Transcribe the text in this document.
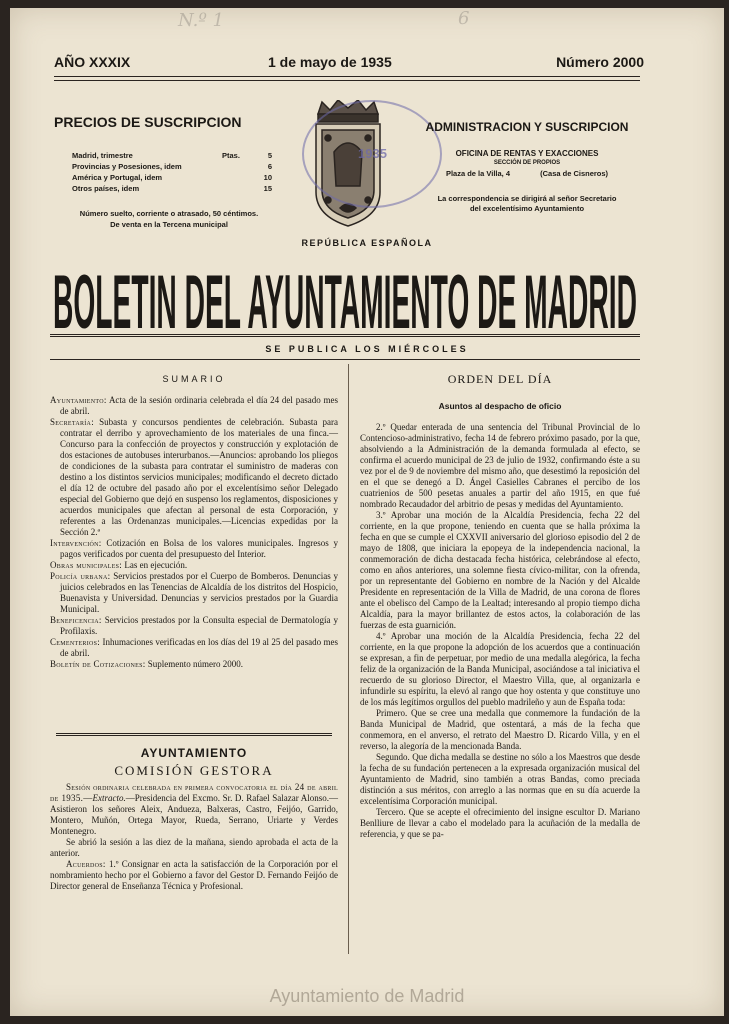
N.º 1	6
AÑO XXXIX	1 de mayo de 1935	Número 2000
PRECIOS DE SUSCRIPCION
Madrid, trimestre	Ptas.	5
Provincias y Posesiones, idem	6
América y Portugal, idem	10
Otros países, idem	15
Número suelto, corriente o atrasado, 50 céntimos.
De venta en la Tercena municipal
1935
ADMINISTRACION Y SUSCRIPCION
OFICINA DE RENTAS Y EXACCIONES
SECCIÓN DE PROPIOS
Plaza de la Villa, 4	(Casa de Cisneros)
La correspondencia se dirigirá al señor Secretario
del excelentísimo Ayuntamiento
REPÚBLICA ESPAÑOLA
BOLETIN DEL AYUNTAMIENTO DE MADRID
SE PUBLICA LOS MIÉRCOLES
SUMARIO
Ayuntamiento: Acta de la sesión ordinaria celebrada el día 24 del pasado mes de abril.
Secretaría: Subasta y concursos pendientes de celebración. Subasta para contratar el derribo y aprovechamiento de los materiales de una finca.—Concurso para la confección de proyectos y construcción y explotación de dos estaciones de autobuses interurbanos.—Anuncios: aprobando los pliegos de condiciones de la subasta para contratar el suministro de maderas con destino a los distintos servicios municipales; modificando el decreto dictado el día 12 de octubre del pasado año por el excelentísimo señor Delegado especial del Gobierno que dejó en suspenso los reglamentos, disposiciones y acuerdos municipales que afectan al personal de esta Corporación, y referentes a las Ordenanzas municipales.—Licencias expedidas por la Sección 2.ª
Intervención: Cotización en Bolsa de los valores municipales. Ingresos y pagos verificados por cuenta del presupuesto del Interior.
Obras municipales: Las en ejecución.
Policía urbana: Servicios prestados por el Cuerpo de Bomberos. Denuncias y juicios celebrados en las Tenencias de Alcaldía de los distritos del Hospicio, Buenavista y Universidad. Denuncias y servicios prestados por la Guardia Municipal.
Beneficencia: Servicios prestados por la Consulta especial de Dermatología y Profilaxis.
Cementerios: Inhumaciones verificadas en los días del 19 al 25 del pasado mes de abril.
Boletín de Cotizaciones: Suplemento número 2000.
AYUNTAMIENTO
COMISIÓN GESTORA

Sesión ordinaria celebrada en primera convocatoria el día 24 de abril de 1935.—Extracto.—Presidencia del Excmo. Sr. D. Rafael Salazar Alonso.—Asistieron los señores Aleix, Andueza, Balxeras, Castro, Feijóo, Garrido, Montero, Muñón, Ortega Mayor, Rueda, Serrano, Uriarte y Verdes Montenegro.

Se abrió la sesión a las diez de la mañana, siendo aprobada el acta de la anterior.

Acuerdos: 1.º Consignar en acta la satisfacción de la Corporación por el nombramiento hecho por el Gobierno a favor del Gestor D. Fernando Feijóo de Director general de Enseñanza Técnica y Profesional.

ORDEN DEL DÍA
Asuntos al despacho de oficio

2.º Quedar enterada de una sentencia del Tribunal Provincial de lo Contencioso-administrativo, fecha 14 de febrero próximo pasado, por la que, absolviendo a la Administración de la demanda formulada al efecto, se confirma el acuerdo municipal de 23 de julio de 1932, confirmando éste a su vez por el de 9 de noviembre del mismo año, que desestimó la reposición del en el que se denegó a D. Ángel Casielles Cabranes el percibo de los cuatrienios de 500 pesetas anuales a partir del año 1915, en que fué nombrado Recaudador del arbitrio de pesas y medidas del Ayuntamiento.

3.º Aprobar una moción de la Alcaldía Presidencia, fecha 22 del corriente, en la que propone, teniendo en cuenta que se halla próxima la fecha en que se cumple el CXXVII aniversario del glorioso episodio del 2 de mayo de 1808, que iniciara la epopeya de la independencia nacional, la conmemoración de dicha destacada fecha histórica, celebrándose al efecto, como en años anteriores, una solemne fiesta cívico-militar, con la ofrenda, por un representante del Gobierno en nombre de la Nación y del Alcalde Presidente en representación de la Villa de Madrid, de una corona de flores ante el obelisco del Campo de la Lealtad; interesando al propio tiempo dicha Alcaldía, para la mayor brillantez de estos actos, la colaboración de las fuerzas de esta guarnición.

4.º Aprobar una moción de la Alcaldía Presidencia, fecha 22 del corriente, en la que propone la adopción de los acuerdos que a continuación se expresan, a fin de perpetuar, por medio de una medalla alegórica, la fecha feliz de la organización de la Banda Municipal, asociándose a tal iniciativa el recuerdo de su glorioso Director, el Maestro Villa, que, al organizarla e infundirle su espíritu, la elevó al rango que hoy ostenta y que constituye uno de los más legítimos orgullos del pueblo madrileño y aun de España toda:

Primero. Que se cree una medalla que conmemore la fundación de la Banda Municipal de Madrid, que ostentará, a más de la fecha que conmemora, en el anverso, el retrato del Maestro D. Ricardo Villa, y en el reverso, la alegoría de la mencionada Banda.

Segundo. Que dicha medalla se destine no sólo a los Maestros que desde la fecha de su fundación pertenecen a la expresada organización musical del Ayuntamiento de Madrid, sino también a otras Bandas, como preciada distinción a sus méritos, con arreglo a las normas que en su día acuerde la excelentísima Corporación municipal.

Tercero. Que se acepte el ofrecimiento del insigne escultor D. Mariano Benlliure de llevar a cabo el modelado para la acuñación de la medalla de referencia, y que se pa-

Ayuntamiento de Madrid
